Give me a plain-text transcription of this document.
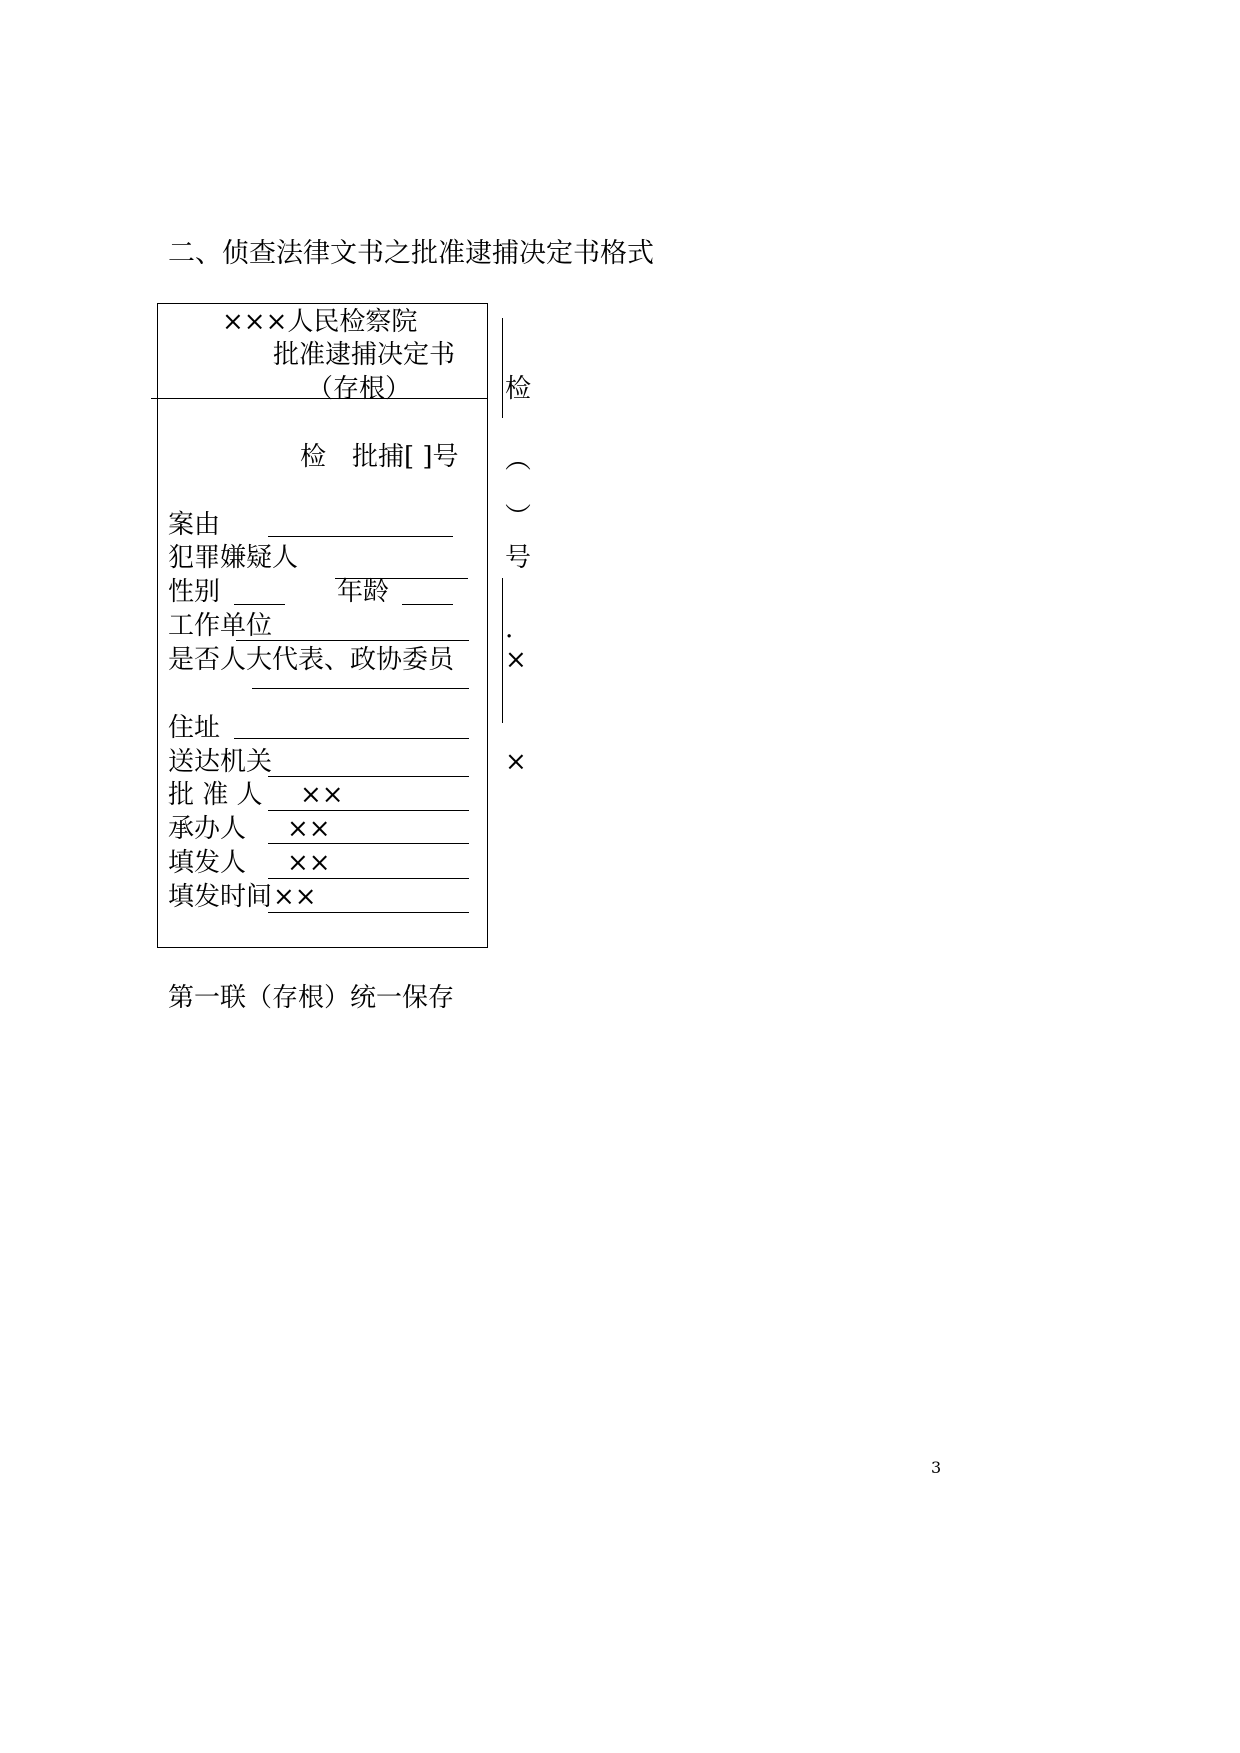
二、侦查法律文书之批准逮捕决定书格式
×××人民检察院
批准逮捕决定书
（存根）
检 批捕[ ]号
案由
犯罪嫌疑人
性别	年龄
工作单位
是否人大代表、政协委员
住址
送达机关
批 准 人 ××
承办人 ××
填发人 ××
填发时间 ××
检
︵
︶
号
.
×
×
第一联（存根）统一保存
3
